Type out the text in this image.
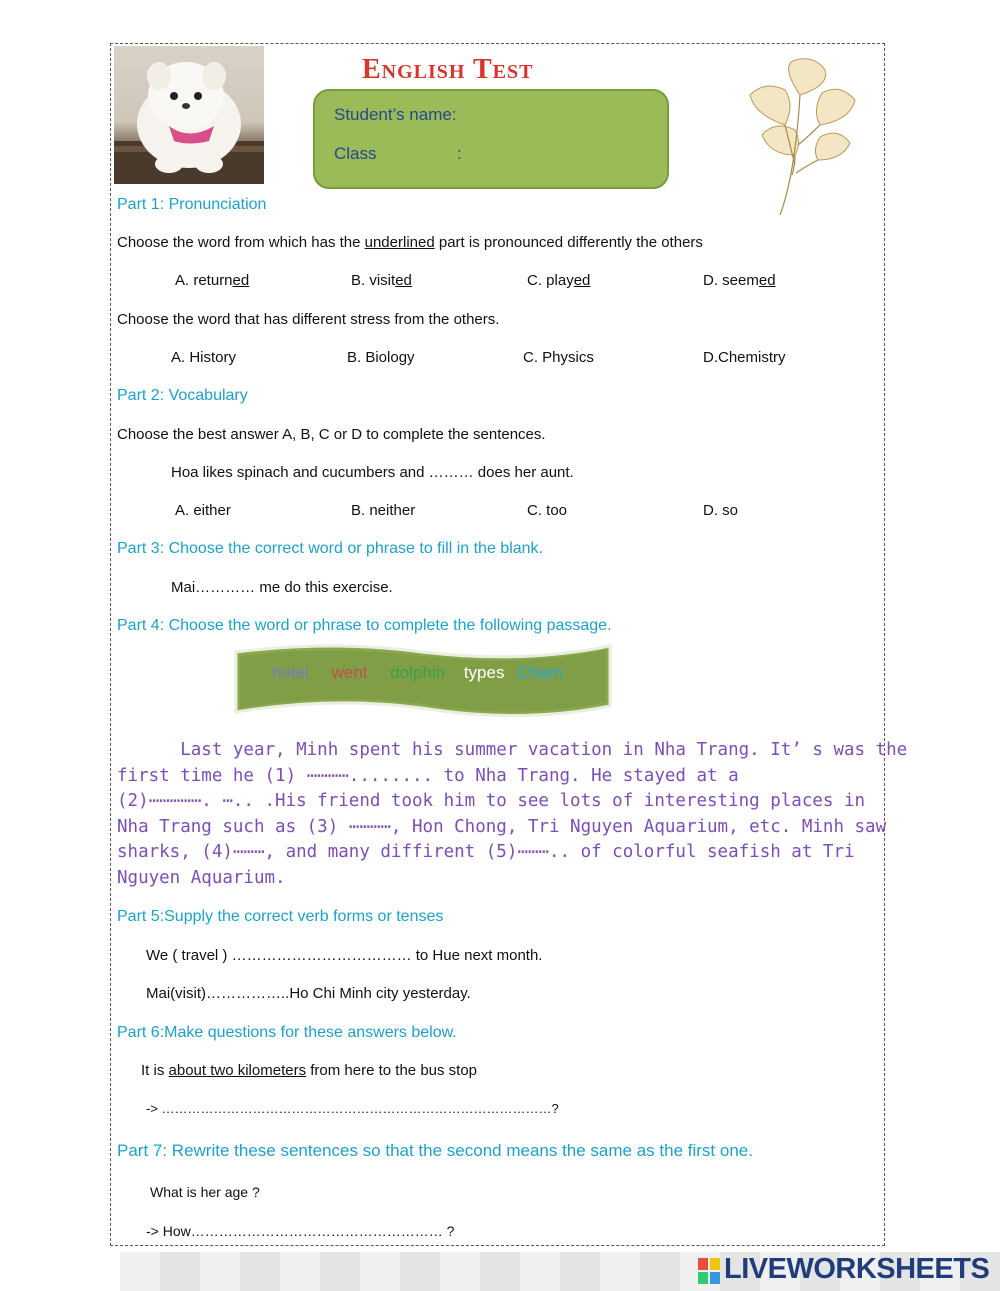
English Test
Student’s name:
Class	:
Part 1: Pronunciation
Choose the word from which has the underlined part is pronounced differently the others
A. returned	B. visited	C. played	D. seemed
Choose the word that has different stress from the others.
A. History	B. Biology	C. Physics	D.Chemistry
Part 2: Vocabulary
Choose the best answer A, B, C or D to complete the sentences.
Hoa likes spinach and cucumbers and ……… does her aunt.
A. either	B. neither	C. too	D. so
Part 3: Choose the correct word or phrase to fill in the blank.
Mai………… me do this exercise.
Part 4: Choose the word or phrase to complete the following passage.
hotel went dolphin types Cham
Last year, Minh spent his summer vacation in Nha Trang. It’ s was the
first time he (1) ⋯⋯⋯⋯........ to Nha Trang. He stayed at a
(2)⋯⋯⋯⋯⋯. ⋯.. .His friend took him to see lots of interesting places in
Nha Trang such as (3) ⋯⋯⋯⋯, Hon Chong, Tri Nguyen Aquarium, etc. Minh saw
sharks, (4)⋯⋯⋯, and many diffirent (5)⋯⋯⋯.. of colorful seafish at Tri
Nguyen Aquarium.
Part 5:Supply the correct verb forms or tenses
We ( travel ) ……………………………… to Hue next month.
Mai(visit)……………..Ho Chi Minh city yesterday.
Part 6:Make questions for these answers below.
It is about two kilometers from here to the bus stop
-> ………………………………………………………………………………?
Part 7: Rewrite these sentences so that the second means the same as the first one.
What is her age ?
-> How……………………………………………… ?
LIVEWORKSHEETS
